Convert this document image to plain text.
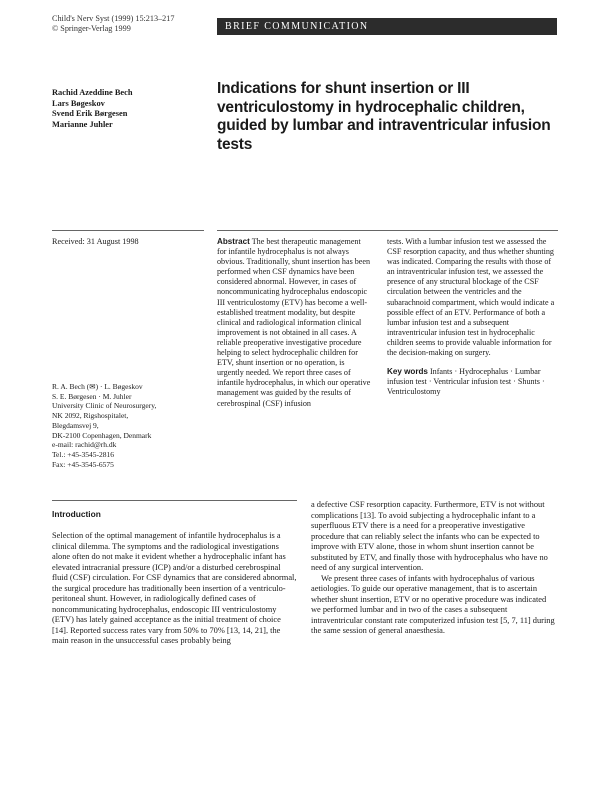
Child's Nerv Syst (1999) 15:213–217
© Springer-Verlag 1999	BRIEF COMMUNICATION
Rachid Azeddine Bech
Lars Bøgeskov
Svend Erik Børgesen
Marianne Juhler
Indications for shunt insertion or III ventriculostomy in hydrocephalic children, guided by lumbar and intraventricular infusion tests
Received: 31 August 1998
R. A. Bech (✉) · L. Bøgeskov
S. E. Børgesen · M. Juhler
University Clinic of Neurosurgery,
NK 2092, Rigshospitalet,
Blegdamsvej 9,
DK-2100 Copenhagen, Denmark
e-mail: rachid@rh.dk
Tel.: +45-3545-2816
Fax: +45-3545-6575
Abstract The best therapeutic management for infantile hydrocephalus is not always obvious. Traditionally, shunt insertion has been performed when CSF dynamics have been considered abnormal. However, in cases of noncommunicating hydrocephalus endoscopic III ventriculostomy (ETV) has become a well-established treatment modality, but despite clinical and radiological information clinical improvement is not obtained in all cases. A reliable preoperative investigative procedure helping to select hydrocephalic children for ETV, shunt insertion or no operation, is urgently needed. We report three cases of infantile hydrocephalus, in which our operative management was guided by the results of cerebrospinal (CSF) infusion
tests. With a lumbar infusion test we assessed the CSF resorption capacity, and thus whether shunting was indicated. Comparing the results with those of an intraventricular infusion test, we assessed the presence of any structural blockage of the CSF circulation between the ventricles and the subarachnoid compartment, which would indicate a possible effect of an ETV. Performance of both a lumbar infusion test and a subsequent intraventricular infusion test in hydrocephalic children seems to provide valuable information for the decision-making on surgery.
Key words Infants · Hydrocephalus · Lumbar infusion test · Ventricular infusion test · Shunts · Ventriculostomy
Introduction

Selection of the optimal management of infantile hydrocephalus is a clinical dilemma. The symptoms and the radiological investigations alone often do not make it evident whether a hydrocephalic infant has elevated intracranial pressure (ICP) and/or a disturbed cerebrospinal fluid (CSF) circulation. For CSF dynamics that are considered abnormal, the surgical procedure has traditionally been insertion of a ventriculo-peritoneal shunt. However, in radiologically defined cases of noncommunicating hydrocephalus, endoscopic III ventriculostomy (ETV) has lately gained acceptance as the initial treatment of choice [14]. Reported success rates vary from 50% to 70% [13, 14, 21], the main reason in the unsuccessful cases probably being

a defective CSF resorption capacity. Furthermore, ETV is not without complications [13]. To avoid subjecting a hydrocephalic infant to a superfluous ETV there is a need for a preoperative investigative procedure that can reliably select the infants who can be expected to improve with ETV alone, those in whom shunt insertion cannot be substituted by ETV, and finally those with hydrocephalus who have no need of any surgical intervention.

We present three cases of infants with hydrocephalus of various aetiologies. To guide our operative management, that is to ascertain whether shunt insertion, ETV or no operative procedure was indicated we performed lumbar and in two of the cases a subsequent intraventricular constant rate computerized infusion test [5, 7, 11] during the same session of general anaesthesia.
